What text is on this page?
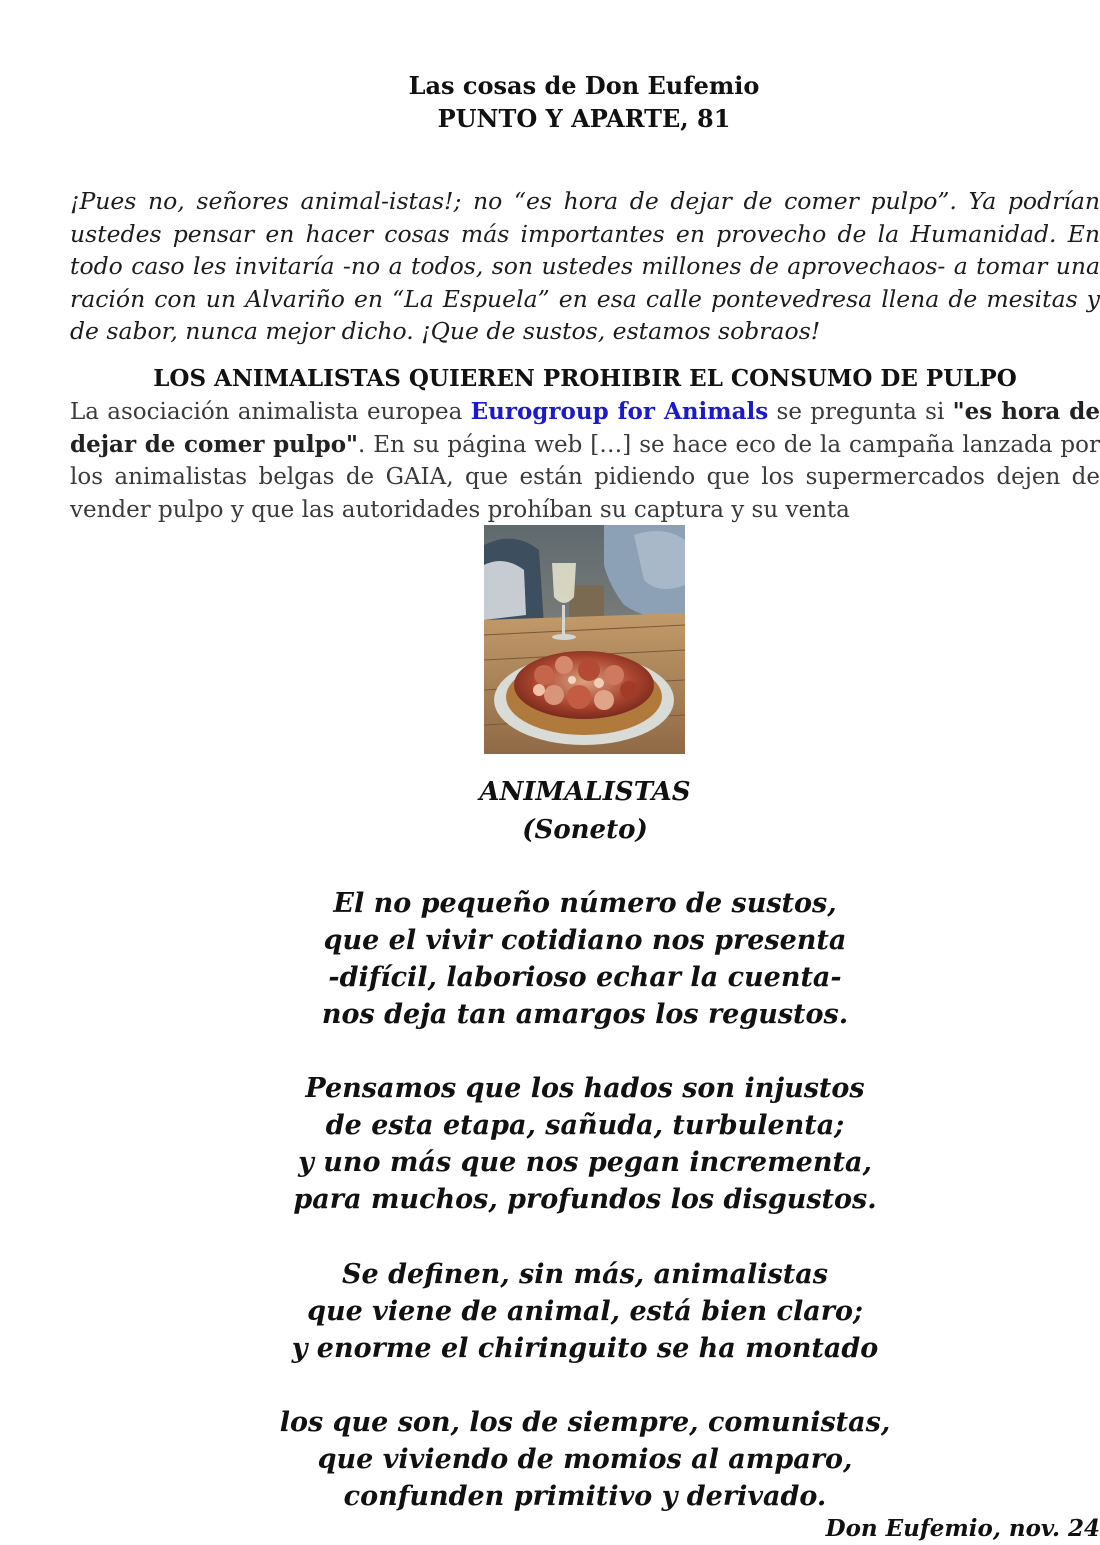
Las cosas de Don Eufemio
PUNTO Y APARTE, 81

¡Pues no, señores animal-istas!; no “es hora de dejar de comer pulpo”. Ya podrían ustedes pensar en hacer cosas más importantes en provecho de la Humanidad. En todo caso les invitaría -no a todos, son ustedes millones de aprovechaos- a tomar una ración con un Alvariño en “La Espuela” en esa calle pontevedresa llena de mesitas y de sabor, nunca mejor dicho. ¡Que de sustos, estamos sobraos!

LOS ANIMALISTAS QUIEREN PROHIBIR EL CONSUMO DE PULPO

La asociación animalista europea Eurogroup for Animals se pregunta si "es hora de dejar de comer pulpo". En su página web […] se hace eco de la campaña lanzada por los animalistas belgas de GAIA, que están pidiendo que los supermercados dejen de vender pulpo y que las autoridades prohíban su captura y su venta

ANIMALISTAS
(Soneto)
El no pequeño número de sustos,
que el vivir cotidiano nos presenta
-difícil, laborioso echar la cuenta-
nos deja tan amargos los regustos.
Pensamos que los hados son injustos
de esta etapa, sañuda, turbulenta;
y uno más que nos pegan incrementa,
para muchos, profundos los disgustos.
Se definen, sin más, animalistas
que viene de animal, está bien claro;
y enorme el chiringuito se ha montado
los que son, los de siempre, comunistas,
que viviendo de momios al amparo,
confunden primitivo y derivado.

Don Eufemio, nov. 24
